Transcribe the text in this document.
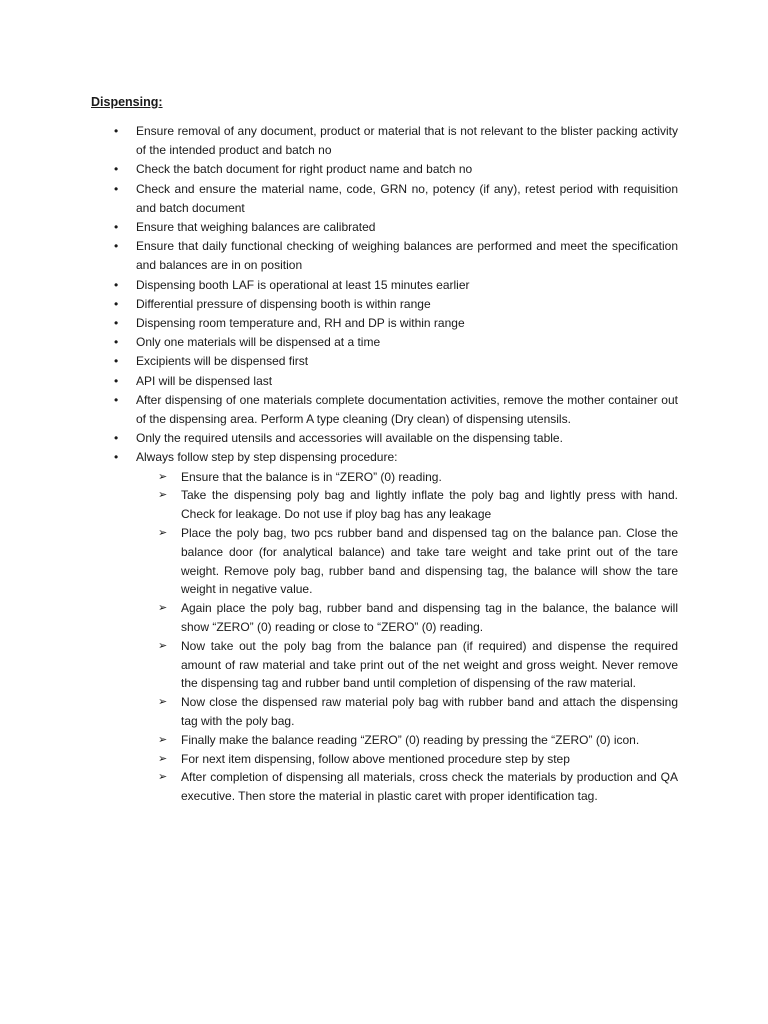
Dispensing:
• Ensure removal of any document, product or material that is not relevant to the blister packing activity of the intended product and batch no
• Check the batch document for right product name and batch no
• Check and ensure the material name, code, GRN no, potency (if any), retest period with requisition and batch document
• Ensure that weighing balances are calibrated
• Ensure that daily functional checking of weighing balances are performed and meet the specification and balances are in on position
• Dispensing booth LAF is operational at least 15 minutes earlier
• Differential pressure of dispensing booth is within range
• Dispensing room temperature and, RH and DP is within range
• Only one materials will be dispensed at a time
• Excipients will be dispensed first
• API will be dispensed last
• After dispensing of one materials complete documentation activities, remove the mother container out of the dispensing area. Perform A type cleaning (Dry clean) of dispensing utensils.
• Only the required utensils and accessories will available on the dispensing table.
• Always follow step by step dispensing procedure:
➢ Ensure that the balance is in “ZERO” (0) reading.
➢ Take the dispensing poly bag and lightly inflate the poly bag and lightly press with hand. Check for leakage. Do not use if ploy bag has any leakage
➢ Place the poly bag, two pcs rubber band and dispensed tag on the balance pan. Close the balance door (for analytical balance) and take tare weight and take print out of the tare weight. Remove poly bag, rubber band and dispensing tag, the balance will show the tare weight in negative value.
➢ Again place the poly bag, rubber band and dispensing tag in the balance, the balance will show “ZERO” (0) reading or close to “ZERO” (0) reading.
➢ Now take out the poly bag from the balance pan (if required) and dispense the required amount of raw material and take print out of the net weight and gross weight. Never remove the dispensing tag and rubber band until completion of dispensing of the raw material.
➢ Now close the dispensed raw material poly bag with rubber band and attach the dispensing tag with the poly bag.
➢ Finally make the balance reading “ZERO” (0) reading by pressing the “ZERO” (0) icon.
➢ For next item dispensing, follow above mentioned procedure step by step
➢ After completion of dispensing all materials, cross check the materials by production and QA executive. Then store the material in plastic caret with proper identification tag.
